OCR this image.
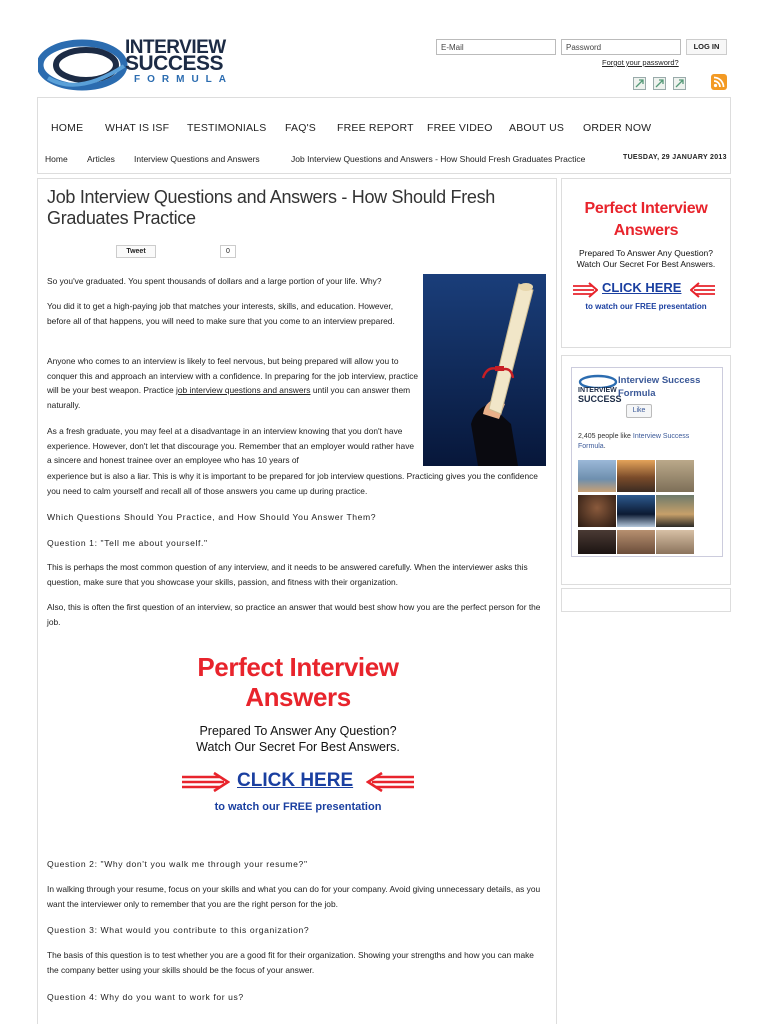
INTERVIEW
SUCCESS
FORMULA
E-Mail	Password	LOG IN
Forgot your password?
HOME WHAT IS ISF TESTIMONIALS FAQ'S FREE REPORT FREE VIDEO ABOUT US ORDER NOW
Home Articles Interview Questions and Answers	Job Interview Questions and Answers - How Should Fresh Graduates Practice	TUESDAY, 29 JANUARY 2013
Job Interview Questions and Answers - How Should Fresh Graduates Practice
Tweet	0
So you've graduated. You spent thousands of dollars and a large portion of your life. Why?
You did it to get a high-paying job that matches your interests, skills, and education. However, before all of that happens, you will need to make sure that you come to an interview prepared.
Anyone who comes to an interview is likely to feel nervous, but being prepared will allow you to conquer this and approach an interview with a confidence. In preparing for the job interview, practice will be your best weapon. Practice job interview questions and answers until you can answer them naturally.
As a fresh graduate, you may feel at a disadvantage in an interview knowing that you don't have experience. However, don't let that discourage you. Remember that an employer would rather have a sincere and honest trainee over an employee who has 10 years of
experience but is also a liar. This is why it is important to be prepared for job interview questions. Practicing gives you the confidence you need to calm yourself and recall all of those answers you came up during practice.
Which Questions Should You Practice, and How Should You Answer Them?
Question 1: "Tell me about yourself."
This is perhaps the most common question of any interview, and it needs to be answered carefully. When the interviewer asks this question, make sure that you showcase your skills, passion, and fitness with their organization.
Also, this is often the first question of an interview, so practice an answer that would best show how you are the perfect person for the job.
Perfect Interview
Answers
Prepared To Answer Any Question?
Watch Our Secret For Best Answers.
CLICK HERE
to watch our FREE presentation
Question 2: "Why don't you walk me through your resume?"
In walking through your resume, focus on your skills and what you can do for your company. Avoid giving unnecessary details, as you want the interviewer only to remember that you are the right person for the job.
Question 3: What would you contribute to this organization?
The basis of this question is to test whether you are a good fit for their organization. Showing your strengths and how you can make the company better using your skills should be the focus of your answer.
Question 4: Why do you want to work for us?
Perfect Interview
Answers
Prepared To Answer Any Question?
Watch Our Secret For Best Answers.
CLICK HERE
to watch our FREE presentation
INTERVIEW
SUCCESS
Interview Success Formula
Like
2,405 people like Interview Success Formula.
